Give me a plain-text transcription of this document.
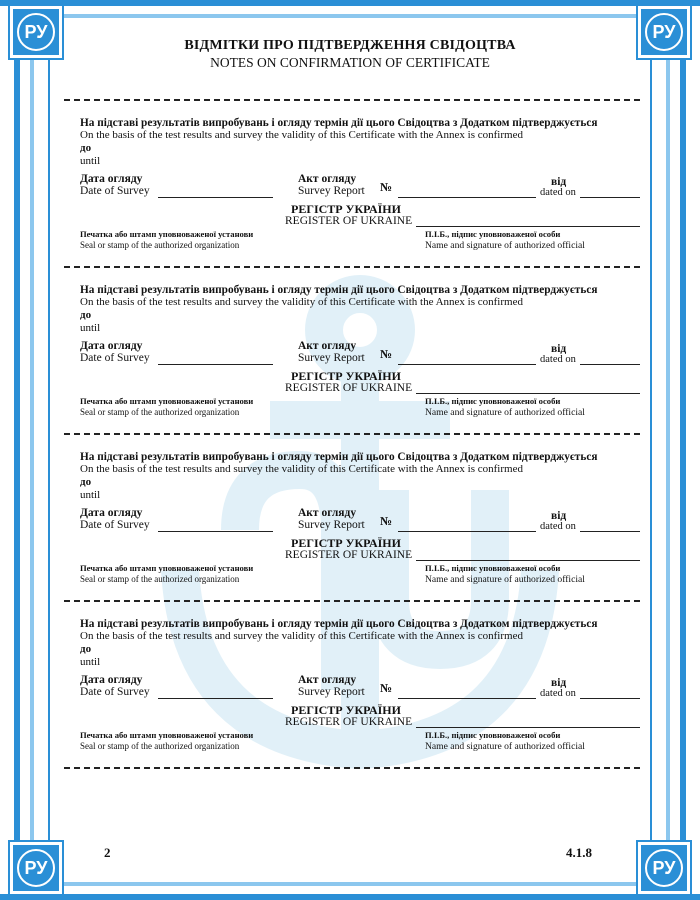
РУ	РУ
РУ	РУ
ВІДМІТКИ ПРО ПІДТВЕРДЖЕННЯ СВІДОЦТВА
NOTES ON CONFIRMATION OF CERTIFICATE
На підставі результатів випробувань і огляду термін дії цього Свідоцтва з Додатком підтверджується
On the basis of the test results and survey the validity of this Certificate with the Annex is confirmed
до
until
Дата огляду
Date of Survey
Акт огляду
Survey Report №	від
dated on
РЕГІСТР УКРАЇНИ
REGISTER OF UKRAINE
Печатка або штамп уповноваженої установи
Seal or stamp of the authorized organization
П.І.Б., підпис уповноваженої особи
Name and signature of authorized official
На підставі результатів випробувань і огляду термін дії цього Свідоцтва з Додатком підтверджується
On the basis of the test results and survey the validity of this Certificate with the Annex is confirmed
до
until
Дата огляду
Date of Survey
Акт огляду
Survey Report №	від
dated on
РЕГІСТР УКРАЇНИ
REGISTER OF UKRAINE
Печатка або штамп уповноваженої установи
Seal or stamp of the authorized organization
П.І.Б., підпис уповноваженої особи
Name and signature of authorized official
На підставі результатів випробувань і огляду термін дії цього Свідоцтва з Додатком підтверджується
On the basis of the test results and survey the validity of this Certificate with the Annex is confirmed
до
until
Дата огляду
Date of Survey
Акт огляду
Survey Report №	від
dated on
РЕГІСТР УКРАЇНИ
REGISTER OF UKRAINE
Печатка або штамп уповноваженої установи
Seal or stamp of the authorized organization
П.І.Б., підпис уповноваженої особи
Name and signature of authorized official
На підставі результатів випробувань і огляду термін дії цього Свідоцтва з Додатком підтверджується
On the basis of the test results and survey the validity of this Certificate with the Annex is confirmed
до
until
Дата огляду
Date of Survey
Акт огляду
Survey Report №	від
dated on
РЕГІСТР УКРАЇНИ
REGISTER OF UKRAINE
Печатка або штамп уповноваженої установи
Seal or stamp of the authorized organization
П.І.Б., підпис уповноваженої особи
Name and signature of authorized official
2	4.1.8
